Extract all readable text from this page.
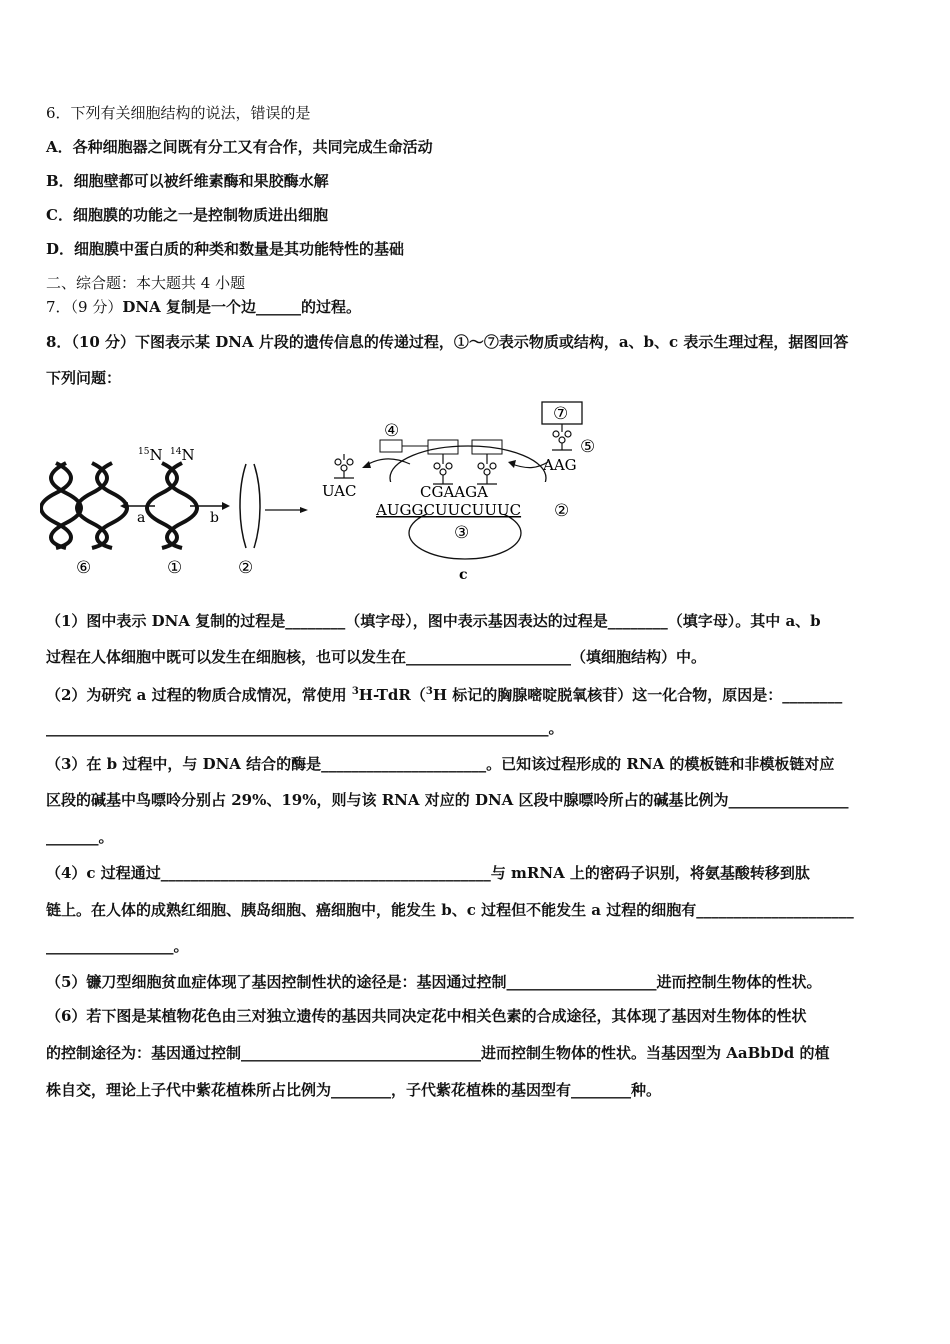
6．下列有关细胞结构的说法，错误的是
A．各种细胞器之间既有分工又有合作，共同完成生命活动
B．细胞壁都可以被纤维素酶和果胶酶水解
C．细胞膜的功能之一是控制物质进出细胞
D．细胞膜中蛋白质的种类和数量是其功能特性的基础
二、综合题：本大题共 4 小题
7．（9 分）DNA 复制是一个边______的过程。
8．（10 分）下图表示某 DNA 片段的遗传信息的传递过程，①～⑦表示物质或结构，a、b、c 表示生理过程，据图回答
下列问题：
$^{15}$N $^{14}$N
a	b
⑥	①	②
UAC
⑦
⑤
AAG
④
CGAAGA
AUGGCUUCUUUC ②
③
c
（1）图中表示 DNA 复制的过程是________（填字母），图中表示基因表达的过程是________（填字母）。其中 a、b
过程在人体细胞中既可以发生在细胞核，也可以发生在______________________（填细胞结构）中。
（2）为研究 a 过程的物质合成情况，常使用 $^3$H-TdR（$^3$H 标记的胸腺嘧啶脱氧核苷）这一化合物，原因是：________
___________________________________________________________________。
（3）在 b 过程中，与 DNA 结合的酶是______________________。已知该过程形成的 RNA 的模板链和非模板链对应
区段的碱基中鸟嘌呤分别占 29%、19%，则与该 RNA 对应的 DNA 区段中腺嘌呤所占的碱基比例为________________
_______。
（4）c 过程通过____________________________________________与 mRNA 上的密码子识别，将氨基酸转移到肽
链上。在人体的成熟红细胞、胰岛细胞、癌细胞中，能发生 b、c 过程但不能发生 a 过程的细胞有_____________________
_________________。
（5）镰刀型细胞贫血症体现了基因控制性状的途径是：基因通过控制____________________进而控制生物体的性状。
（6）若下图是某植物花色由三对独立遗传的基因共同决定花中相关色素的合成途径，其体现了基因对生物体的性状
的控制途径为：基因通过控制________________________________进而控制生物体的性状。当基因型为 AaBbDd 的植
株自交，理论上子代中紫花植株所占比例为________，子代紫花植株的基因型有________种。
